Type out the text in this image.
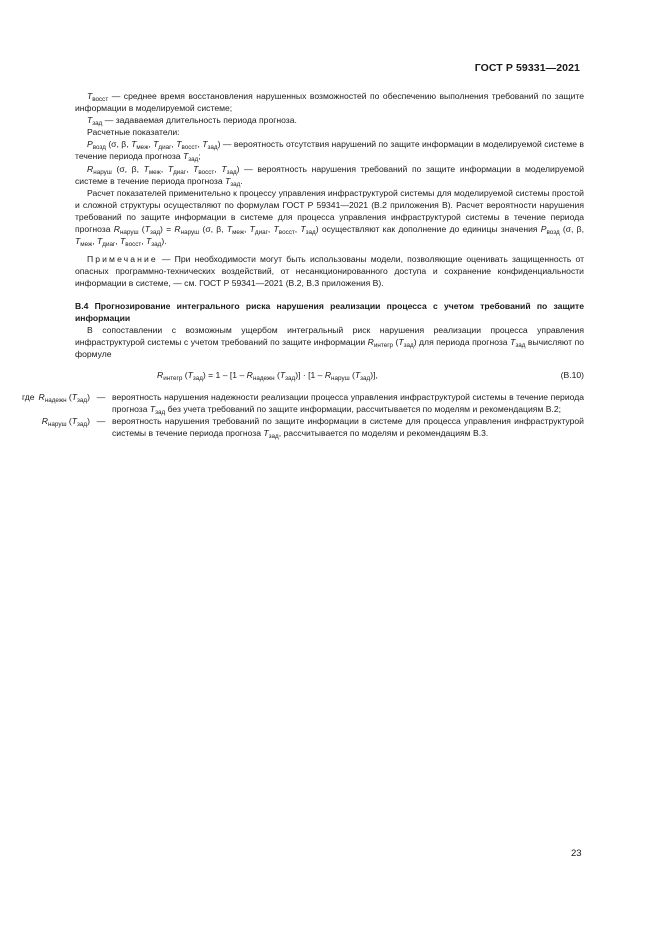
ГОСТ Р 59331—2021

$T_{восст}$ — среднее время восстановления нарушенных возможностей по обеспечению выполнения требований по защите информации в моделируемой системе;

$T_{зад}$ — задаваемая длительность периода прогноза.

Расчетные показатели:

$P_{возд}$ (σ, β, $T_{меж}$, $T_{диаг}$, $T_{восст}$, $T_{зад}$) — вероятность отсутствия нарушений по защите информации в моделируемой системе в течение периода прогноза $T_{зад}$;

$R_{наруш}$ (σ, β, $T_{меж}$, $T_{диаг}$, $T_{восст}$, $T_{зад}$) — вероятность нарушения требований по защите информации в моделируемой системе в течение периода прогноза $T_{зад}$.

Расчет показателей применительно к процессу управления инфраструктурой системы для моделируемой системы простой и сложной структуры осуществляют по формулам ГОСТ Р 59341—2021 (В.2 приложения В). Расчет вероятности нарушения требований по защите информации в системе для процесса управления инфраструктурой системы в течение периода прогноза $R_{наруш}$ $(T_{зад}) = R_{наруш}$ (σ, β, $T_{меж}$, $T_{диаг}$, $T_{восст}$, $T_{зад}$) осуществляют как дополнение до единицы значения $P_{возд}$ (σ, β, $T_{меж}$, $T_{диаг}$, $T_{восст}$, $T_{зад}$).

Примечание — При необходимости могут быть использованы модели, позволяющие оценивать защищенность от опасных программно-технических воздействий, от несанкционированного доступа и сохранение конфиденциальности информации в системе, — см. ГОСТ Р 59341—2021 (В.2, В.3 приложения В).

В.4 Прогнозирование интегрального риска нарушения реализации процесса с учетом требований по защите информации

В сопоставлении с возможным ущербом интегральный риск нарушения реализации процесса управления инфраструктурой системы с учетом требований по защите информации $R_{интегр}$ $(T_{зад})$ для периода прогноза $T_{зад}$ вычисляют по формуле

$R_{интегр}$ $(T_{зад}) = 1 - [1 - R_{надежн}$ $(T_{зад})] \cdot [1 - R_{наруш}$ $(T_{зад})$],	(В.10)
где $R_{надежн}$ $(T_{зад})$ — вероятность нарушения надежности реализации процесса управления инфраструктурой системы в течение периода прогноза $T_{зад}$ без учета требований по защите информации, рассчитывается по моделям и рекомендациям В.2;
$R_{наруш}$ $(T_{зад})$ — вероятность нарушения требований по защите информации в системе для процесса управления инфраструктурой системы в течение периода прогноза $T_{зад}$, рассчитывается по моделям и рекомендациям В.3.
23
